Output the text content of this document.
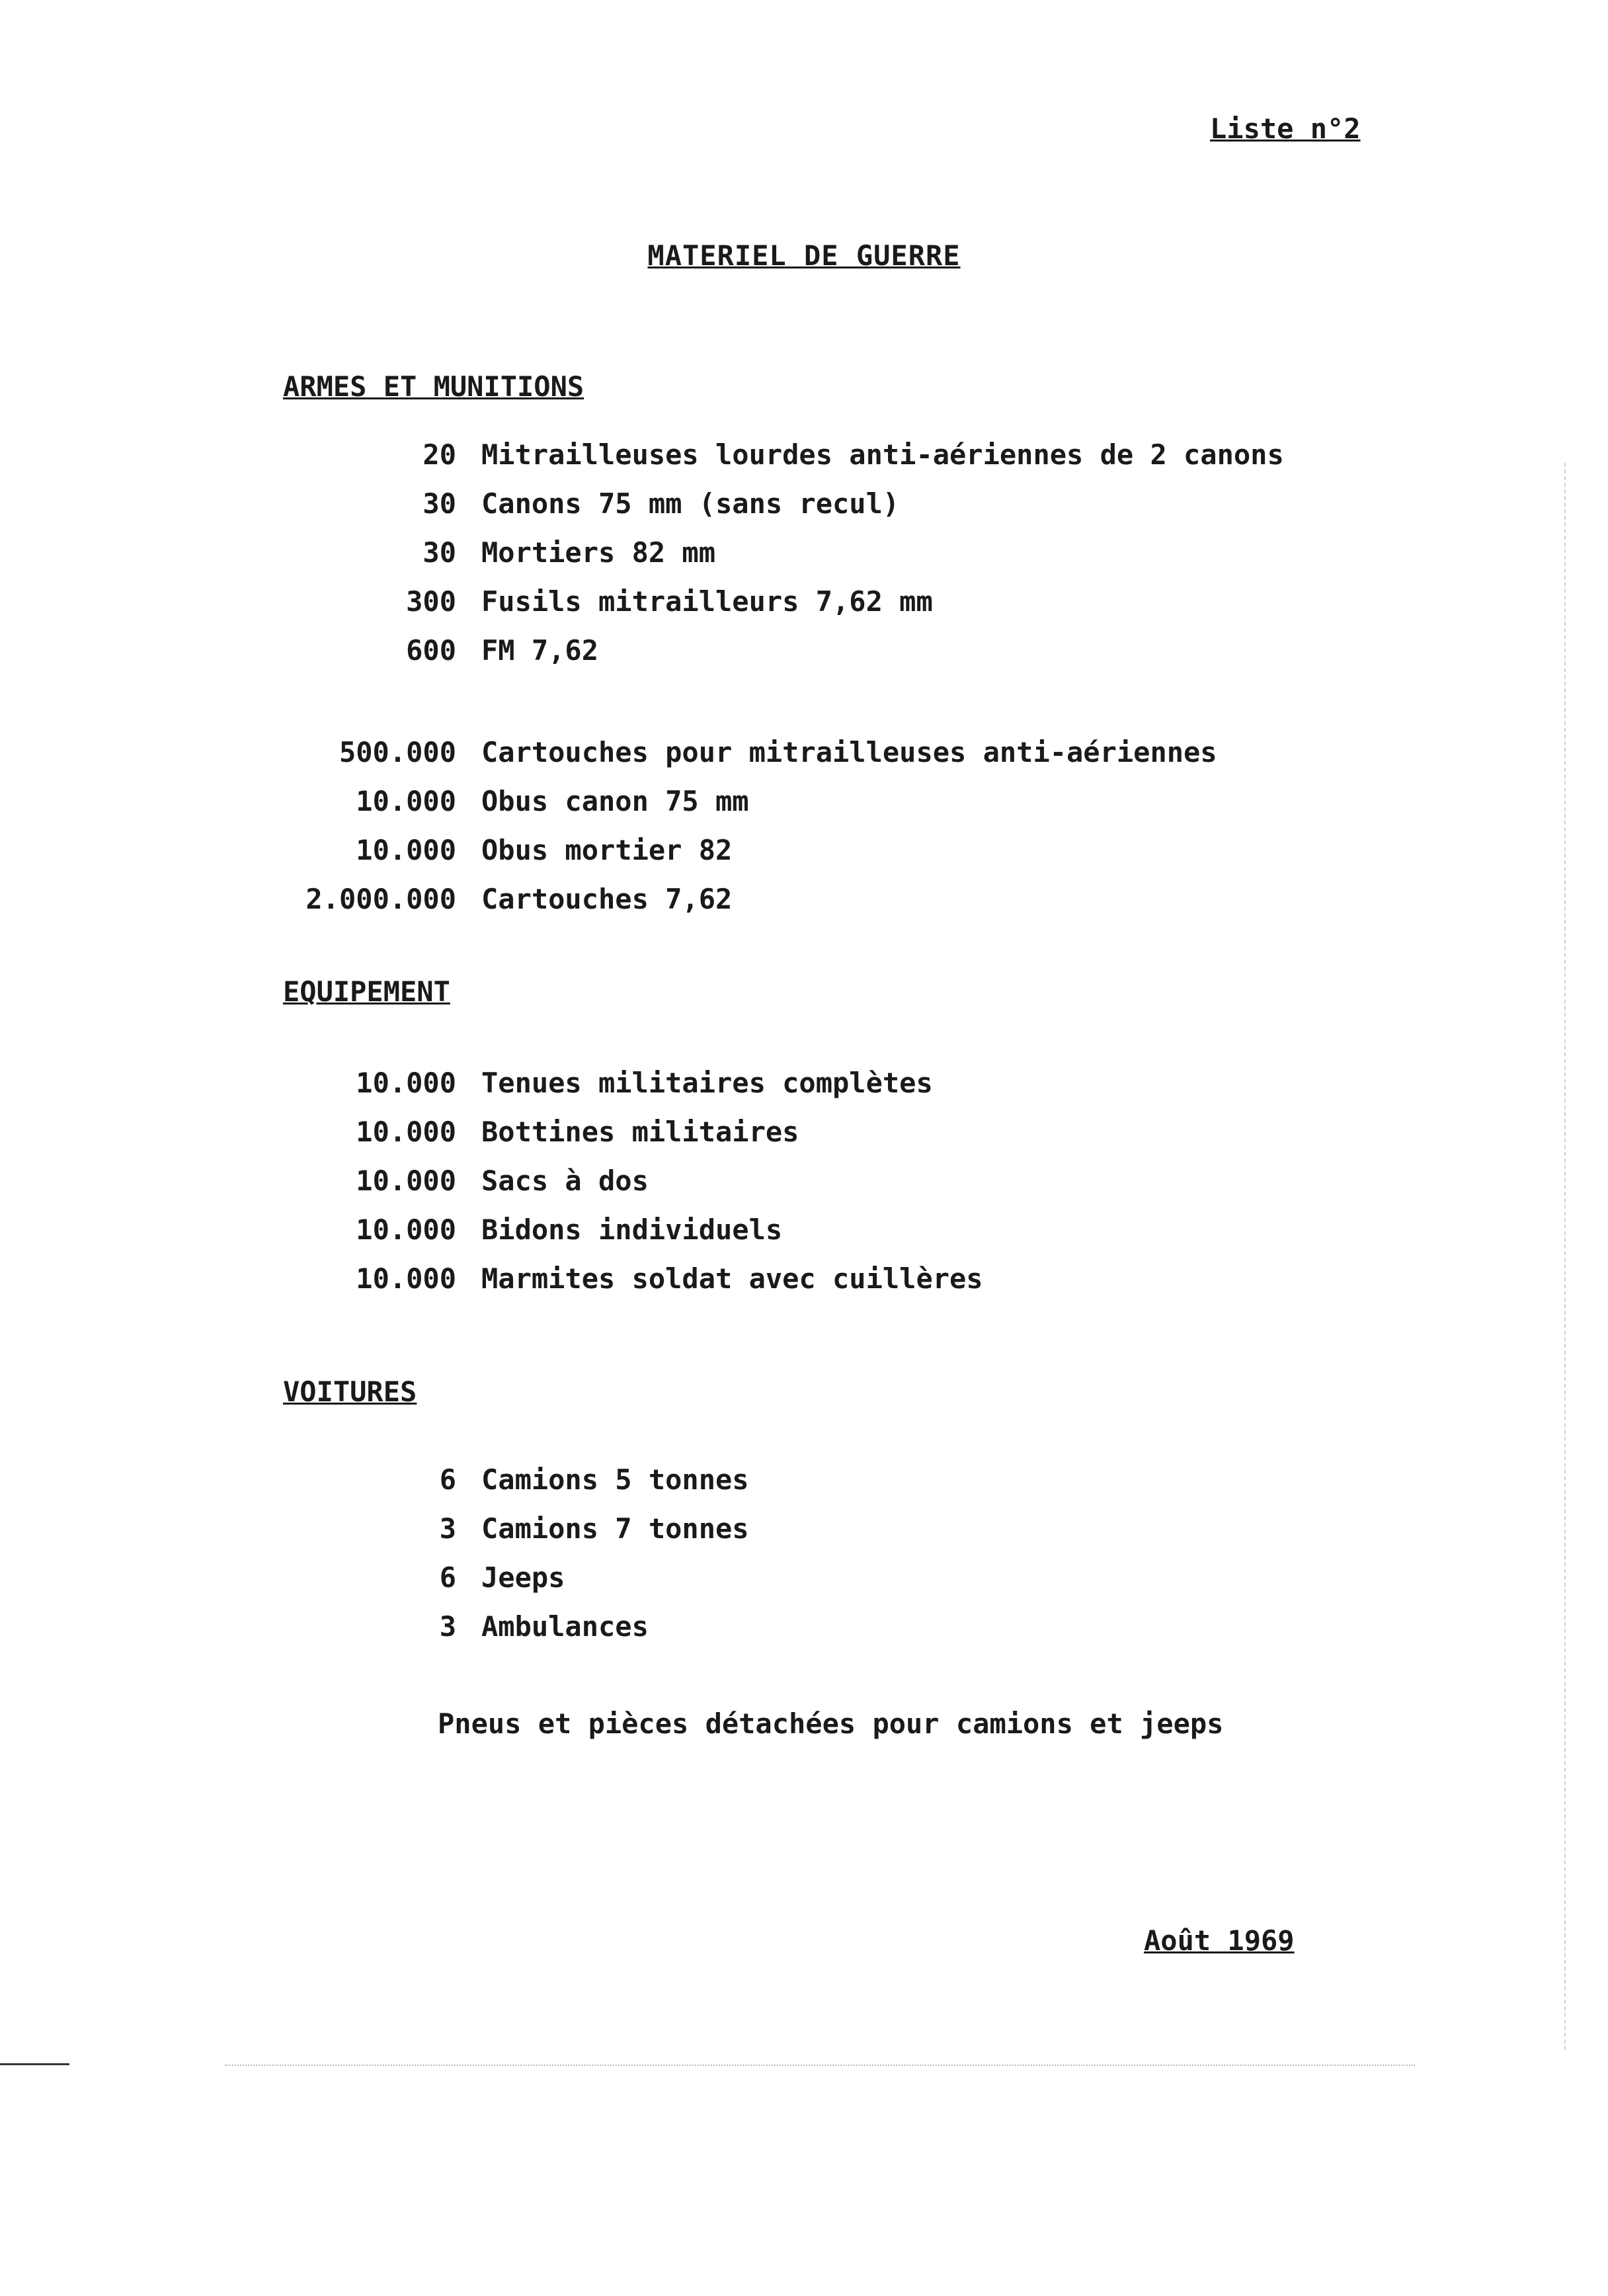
Liste n°2
MATERIEL DE GUERRE
ARMES ET MUNITIONS
20 Mitrailleuses lourdes anti-aériennes de 2 canons
30 Canons 75 mm (sans recul)
30 Mortiers 82 mm
300 Fusils mitrailleurs 7,62 mm
600 FM 7,62
500.000 Cartouches pour mitrailleuses anti-aériennes
10.000 Obus canon 75 mm
10.000 Obus mortier 82
2.000.000 Cartouches 7,62
EQUIPEMENT
10.000 Tenues militaires complètes
10.000 Bottines militaires
10.000 Sacs à dos
10.000 Bidons individuels
10.000 Marmites soldat avec cuillères
VOITURES
6 Camions 5 tonnes
3 Camions 7 tonnes
6 Jeeps
3 Ambulances
Pneus et pièces détachées pour camions et jeeps
Août 1969
